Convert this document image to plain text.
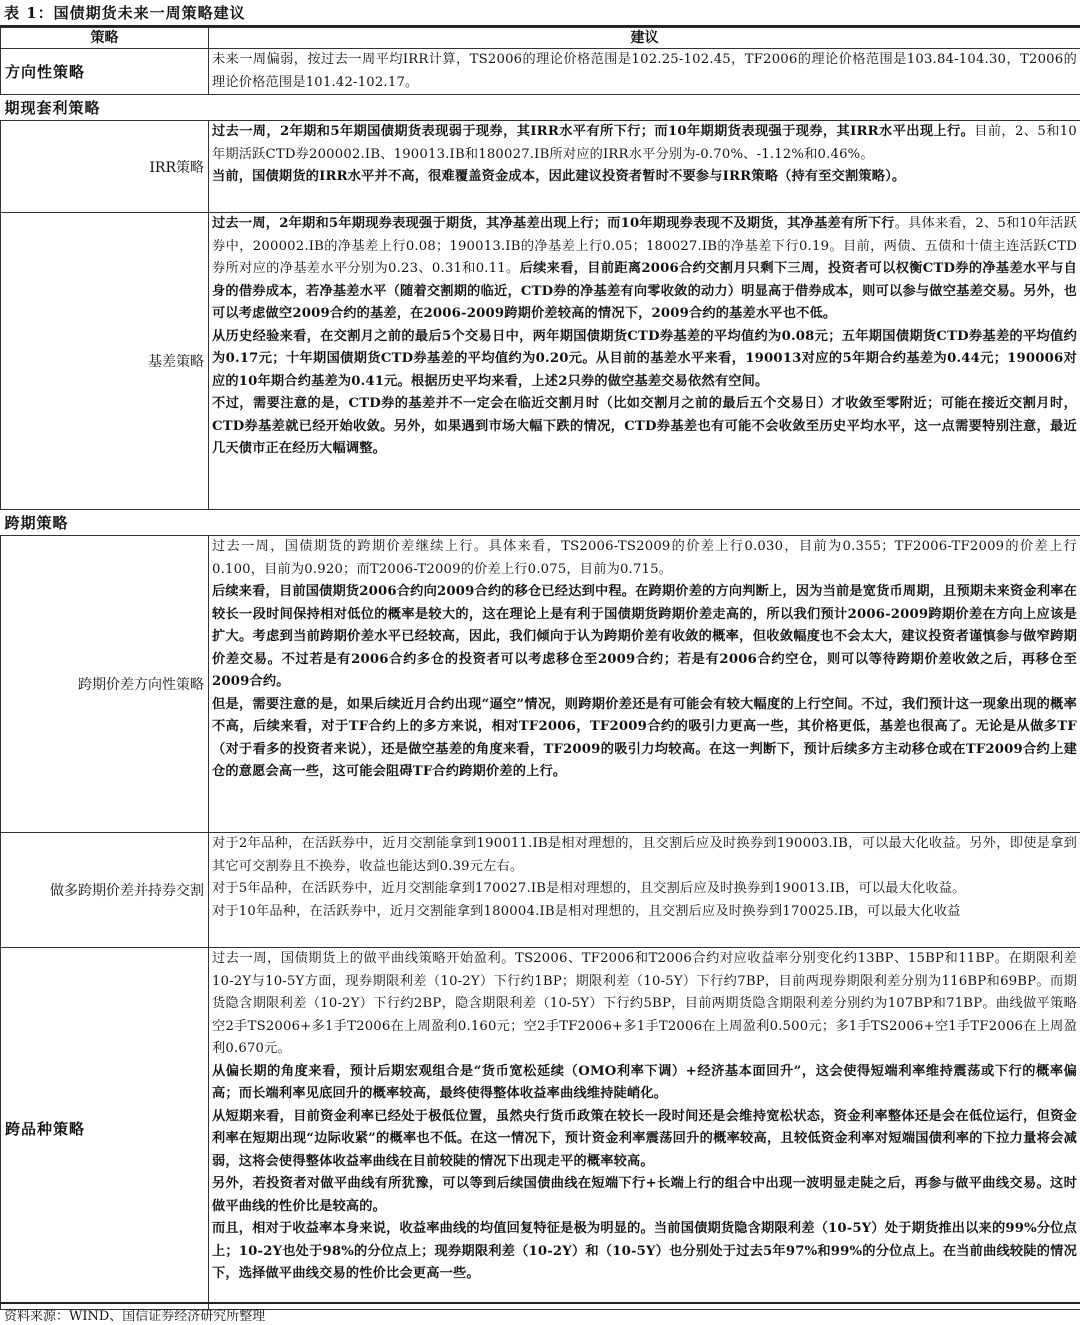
表 1：国债期货未来一周策略建议
策略	建议
方向性策略	未来一周偏弱，按过去一周平均IRR计算，TS2006的理论价格范围是102.25-102.45，TF2006的理论价格范围是103.84-104.30，T2006的理论价格范围是101.42-102.17。

期现套利策略	
IRR策略	过去一周，2年期和5年期国债期货表现弱于现券，其IRR水平有所下行；而10年期期货表现强于现券，其IRR水平出现上行。目前，2、5和10年期活跃CTD券200002.IB、190013.IB和180027.IB所对应的IRR水平分别为-0.70%、-1.12%和0.46%。

当前，国债期货的IRR水平并不高，很难覆盖资金成本，因此建议投资者暂时不要参与IRR策略（持有至交割策略）。

基差策略	过去一周，2年期和5年期现券表现强于期货，其净基差出现上行；而10年期现券表现不及期货，其净基差有所下行。具体来看，2、5和10年活跃券中，200002.IB的净基差上行0.08；190013.IB的净基差上行0.05；180027.IB的净基差下行0.19。目前，两债、五债和十债主连活跃CTD券所对应的净基差水平分别为0.23、0.31和0.11。后续来看，目前距离2006合约交割月只剩下三周，投资者可以权衡CTD券的净基差水平与自身的借券成本，若净基差水平（随着交割期的临近，CTD券的净基差有向零收敛的动力）明显高于借券成本，则可以参与做空基差交易。另外，也可以考虑做空2009合约的基差，在2006-2009跨期价差较高的情况下，2009合约的基差水平也不低。

从历史经验来看，在交割月之前的最后5个交易日中，两年期国债期货CTD券基差的平均值约为0.08元；五年期国债期货CTD券基差的平均值约为0.17元；十年期国债期货CTD券基差的平均值约为0.20元。从目前的基差水平来看，190013对应的5年期合约基差为0.44元；190006对应的10年期合约基差为0.41元。根据历史平均来看，上述2只券的做空基差交易依然有空间。

不过，需要注意的是，CTD券的基差并不一定会在临近交割月时（比如交割月之前的最后五个交易日）才收敛至零附近；可能在接近交割月时，CTD券基差就已经开始收敛。另外，如果遇到市场大幅下跌的情况，CTD券基差也有可能不会收敛至历史平均水平，这一点需要特别注意，最近几天债市正在经历大幅调整。

跨期策略	
跨期价差方向性策略	过去一周，国债期货的跨期价差继续上行。具体来看，TS2006-TS2009的价差上行0.030，目前为0.355；TF2006-TF2009的价差上行0.100，目前为0.920；而T2006-T2009的价差上行0.075，目前为0.715。

后续来看，目前国债期货2006合约向2009合约的移仓已经达到中程。在跨期价差的方向判断上，因为当前是宽货币周期，且预期未来资金利率在较长一段时间保持相对低位的概率是较大的，这在理论上是有利于国债期货跨期价差走高的，所以我们预计2006-2009跨期价差在方向上应该是扩大。考虑到当前跨期价差水平已经较高，因此，我们倾向于认为跨期价差有收敛的概率，但收敛幅度也不会太大，建议投资者谨慎参与做窄跨期价差交易。不过若是有2006合约多仓的投资者可以考虑移仓至2009合约；若是有2006合约空仓，则可以等待跨期价差收敛之后，再移仓至2009合约。

但是，需要注意的是，如果后续近月合约出现“逼空”情况，则跨期价差还是有可能会有较大幅度的上行空间。不过，我们预计这一现象出现的概率不高，后续来看，对于TF合约上的多方来说，相对TF2006，TF2009合约的吸引力更高一些，其价格更低，基差也很高了。无论是从做多TF（对于看多的投资者来说），还是做空基差的角度来看，TF2009的吸引力均较高。在这一判断下，预计后续多方主动移仓或在TF2009合约上建仓的意愿会高一些，这可能会阻碍TF合约跨期价差的上行。

做多跨期价差并持券交割	对于2年品种，在活跃券中，近月交割能拿到190011.IB是相对理想的，且交割后应及时换券到190003.IB，可以最大化收益。另外，即使是拿到其它可交割券且不换券，收益也能达到0.39元左右。

对于5年品种，在活跃券中，近月交割能拿到170027.IB是相对理想的，且交割后应及时换券到190013.IB，可以最大化收益。

对于10年品种，在活跃券中，近月交割能拿到180004.IB是相对理想的，且交割后应及时换券到170025.IB，可以最大化收益

跨品种策略	过去一周，国债期货上的做平曲线策略开始盈利。TS2006、TF2006和T2006合约对应收益率分别变化约13BP、15BP和11BP。在期限利差10-2Y与10-5Y方面，现券期限利差（10-2Y）下行约1BP；期限利差（10-5Y）下行约7BP，目前两现券期限利差分别为116BP和69BP。而期货隐含期限利差（10-2Y）下行约2BP，隐含期限利差（10-5Y）下行约5BP，目前两期货隐含期限利差分别约为107BP和71BP。曲线做平策略空2手TS2006+多1手T2006在上周盈利0.160元；空2手TF2006+多1手T2006在上周盈利0.500元；多1手TS2006+空1手TF2006在上周盈利0.670元。

从偏长期的角度来看，预计后期宏观组合是“货币宽松延续（OMO利率下调）+经济基本面回升”，这会使得短端利率维持震荡或下行的概率偏高；而长端利率见底回升的概率较高，最终使得整体收益率曲线维持陡峭化。

从短期来看，目前资金利率已经处于极低位置，虽然央行货币政策在较长一段时间还是会维持宽松状态，资金利率整体还是会在低位运行，但资金利率在短期出现“边际收紧”的概率也不低。在这一情况下，预计资金利率震荡回升的概率较高，且较低资金利率对短端国债利率的下拉力量将会减弱，这将会使得整体收益率曲线在目前较陡的情况下出现走平的概率较高。

另外，若投资者对做平曲线有所犹豫，可以等到后续国债曲线在短端下行+长端上行的组合中出现一波明显走陡之后，再参与做平曲线交易。这时做平曲线的性价比是较高的。

而且，相对于收益率本身来说，收益率曲线的均值回复特征是极为明显的。当前国债期货隐含期限利差（10-5Y）处于期货推出以来的99%分位点上；10-2Y也处于98%的分位点上；现券期限利差（10-2Y）和（10-5Y）也分别处于过去5年97%和99%的分位点上。在当前曲线较陡的情况下，选择做平曲线交易的性价比会更高一些。

资料来源：WIND、国信证券经济研究所整理
